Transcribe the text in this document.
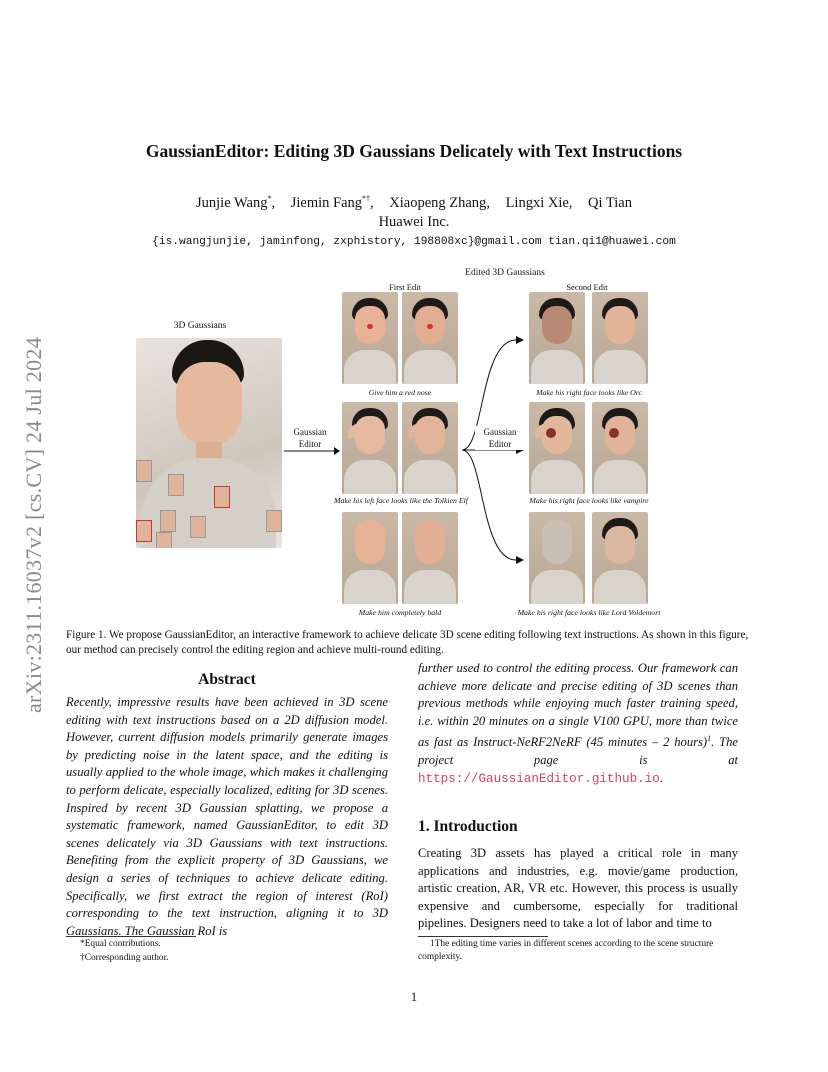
arXiv:2311.16037v2 [cs.CV] 24 Jul 2024
GaussianEditor: Editing 3D Gaussians Delicately with Text Instructions
Junjie Wang*, Jiemin Fang*†, Xiaopeng Zhang, Lingxi Xie, Qi Tian
Huawei Inc.
{is.wangjunjie, jaminfong, zxphistory, 198808xc}@gmail.com tian.qi1@huawei.com
Edited 3D Gaussians
First Edit	Second Edit
3D Gaussians
Gaussian
Editor
Give him a red nose
Make his left face looks like the Tolkien Elf
Make him completely bald
Gaussian
Editor
Make his right face looks like Orc
Make his right face looks like vampire
Make his right face looks like Lord Voldemort
Figure 1. We propose GaussianEditor, an interactive framework to achieve delicate 3D scene editing following text instructions. As shown in this figure, our method can precisely control the editing region and achieve multi-round editing.
Abstract
Recently, impressive results have been achieved in 3D scene editing with text instructions based on a 2D diffusion model. However, current diffusion models primarily generate images by predicting noise in the latent space, and the editing is usually applied to the whole image, which makes it challenging to perform delicate, especially localized, editing for 3D scenes. Inspired by recent 3D Gaussian splatting, we propose a systematic framework, named GaussianEditor, to edit 3D scenes delicately via 3D Gaussians with text instructions. Benefiting from the explicit property of 3D Gaussians, we design a series of techniques to achieve delicate editing. Specifically, we first extract the region of interest (RoI) corresponding to the text instruction, aligning it to 3D Gaussians. The Gaussian RoI is
further used to control the editing process. Our framework can achieve more delicate and precise editing of 3D scenes than previous methods while enjoying much faster training speed, i.e. within 20 minutes on a single V100 GPU, more than twice as fast as Instruct-NeRF2NeRF (45 minutes – 2 hours)$^1$. The project page is at https://GaussianEditor.github.io.
1. Introduction
Creating 3D assets has played a critical role in many applications and industries, e.g. movie/game production, artistic creation, AR, VR etc. However, this process is usually expensive and cumbersome, especially for traditional pipelines. Designers need to take a lot of labor and time to
*Equal contributions.
†Corresponding author.
1The editing time varies in different scenes according to the scene structure complexity.
1
